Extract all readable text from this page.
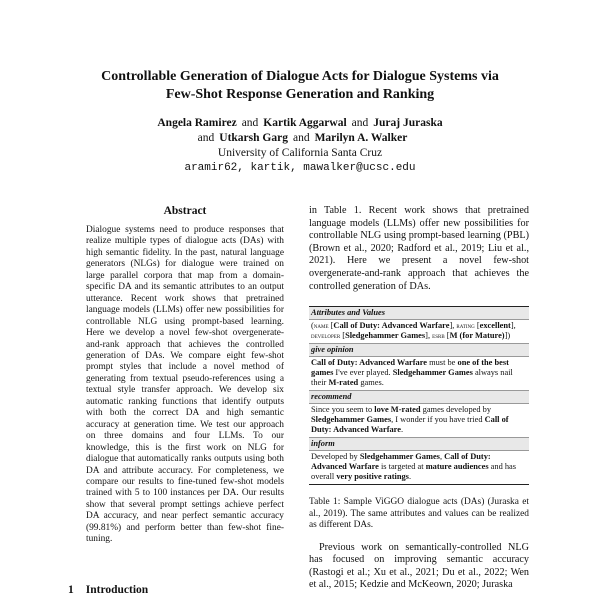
Controllable Generation of Dialogue Acts for Dialogue Systems via
Few-Shot Response Generation and Ranking
Angela Ramirez and Kartik Aggarwal and Juraj Juraska
and Utkarsh Garg and Marilyn A. Walker
University of California Santa Cruz
aramir62, kartik, mawalker@ucsc.edu
Abstract
Dialogue systems need to produce responses that realize multiple types of dialogue acts (DAs) with high semantic fidelity. In the past, natural language generators (NLGs) for dialogue were trained on large parallel corpora that map from a domain-specific DA and its semantic attributes to an output utterance. Recent work shows that pretrained language models (LLMs) offer new possibilities for controllable NLG using prompt-based learning. Here we develop a novel few-shot overgenerate-and-rank approach that achieves the controlled generation of DAs. We compare eight few-shot prompt styles that include a novel method of generating from textual pseudo-references using a textual style transfer approach. We develop six automatic ranking functions that identify outputs with both the correct DA and high semantic accuracy at generation time. We test our approach on three domains and four LLMs. To our knowledge, this is the first work on NLG for dialogue that automatically ranks outputs using both DA and attribute accuracy. For completeness, we compare our results to fine-tuned few-shot models trained with 5 to 100 instances per DA. Our results show that several prompt settings achieve perfect DA accuracy, and near perfect semantic accuracy (99.81%) and perform better than few-shot fine-tuning.
1 Introduction
in Table 1. Recent work shows that pretrained language models (LLMs) offer new possibilities for controllable NLG using prompt-based learning (PBL) (Brown et al., 2020; Radford et al., 2019; Liu et al., 2021). Here we present a novel few-shot overgenerate-and-rank approach that achieves the controlled generation of DAs.
Attributes and Values
(name [Call of Duty: Advanced Warfare], rating [excellent], developer [Sledgehammer Games], esrb [M (for Mature)])
give opinion
Call of Duty: Advanced Warfare must be one of the best games I've ever played. Sledgehammer Games always nail their M-rated games.
recommend
Since you seem to love M-rated games developed by Sledgehammer Games, I wonder if you have tried Call of Duty: Advanced Warfare.
inform
Developed by Sledgehammer Games, Call of Duty: Advanced Warfare is targeted at mature audiences and has overall very positive ratings.
Table 1: Sample ViGGO dialogue acts (DAs) (Juraska et al., 2019). The same attributes and values can be realized as different DAs.
Previous work on semantically-controlled NLG has focused on improving semantic accuracy (Rastogi et al.; Xu et al., 2021; Du et al., 2022; Wen et al., 2015; Kedzie and McKeown, 2020; Juraska
